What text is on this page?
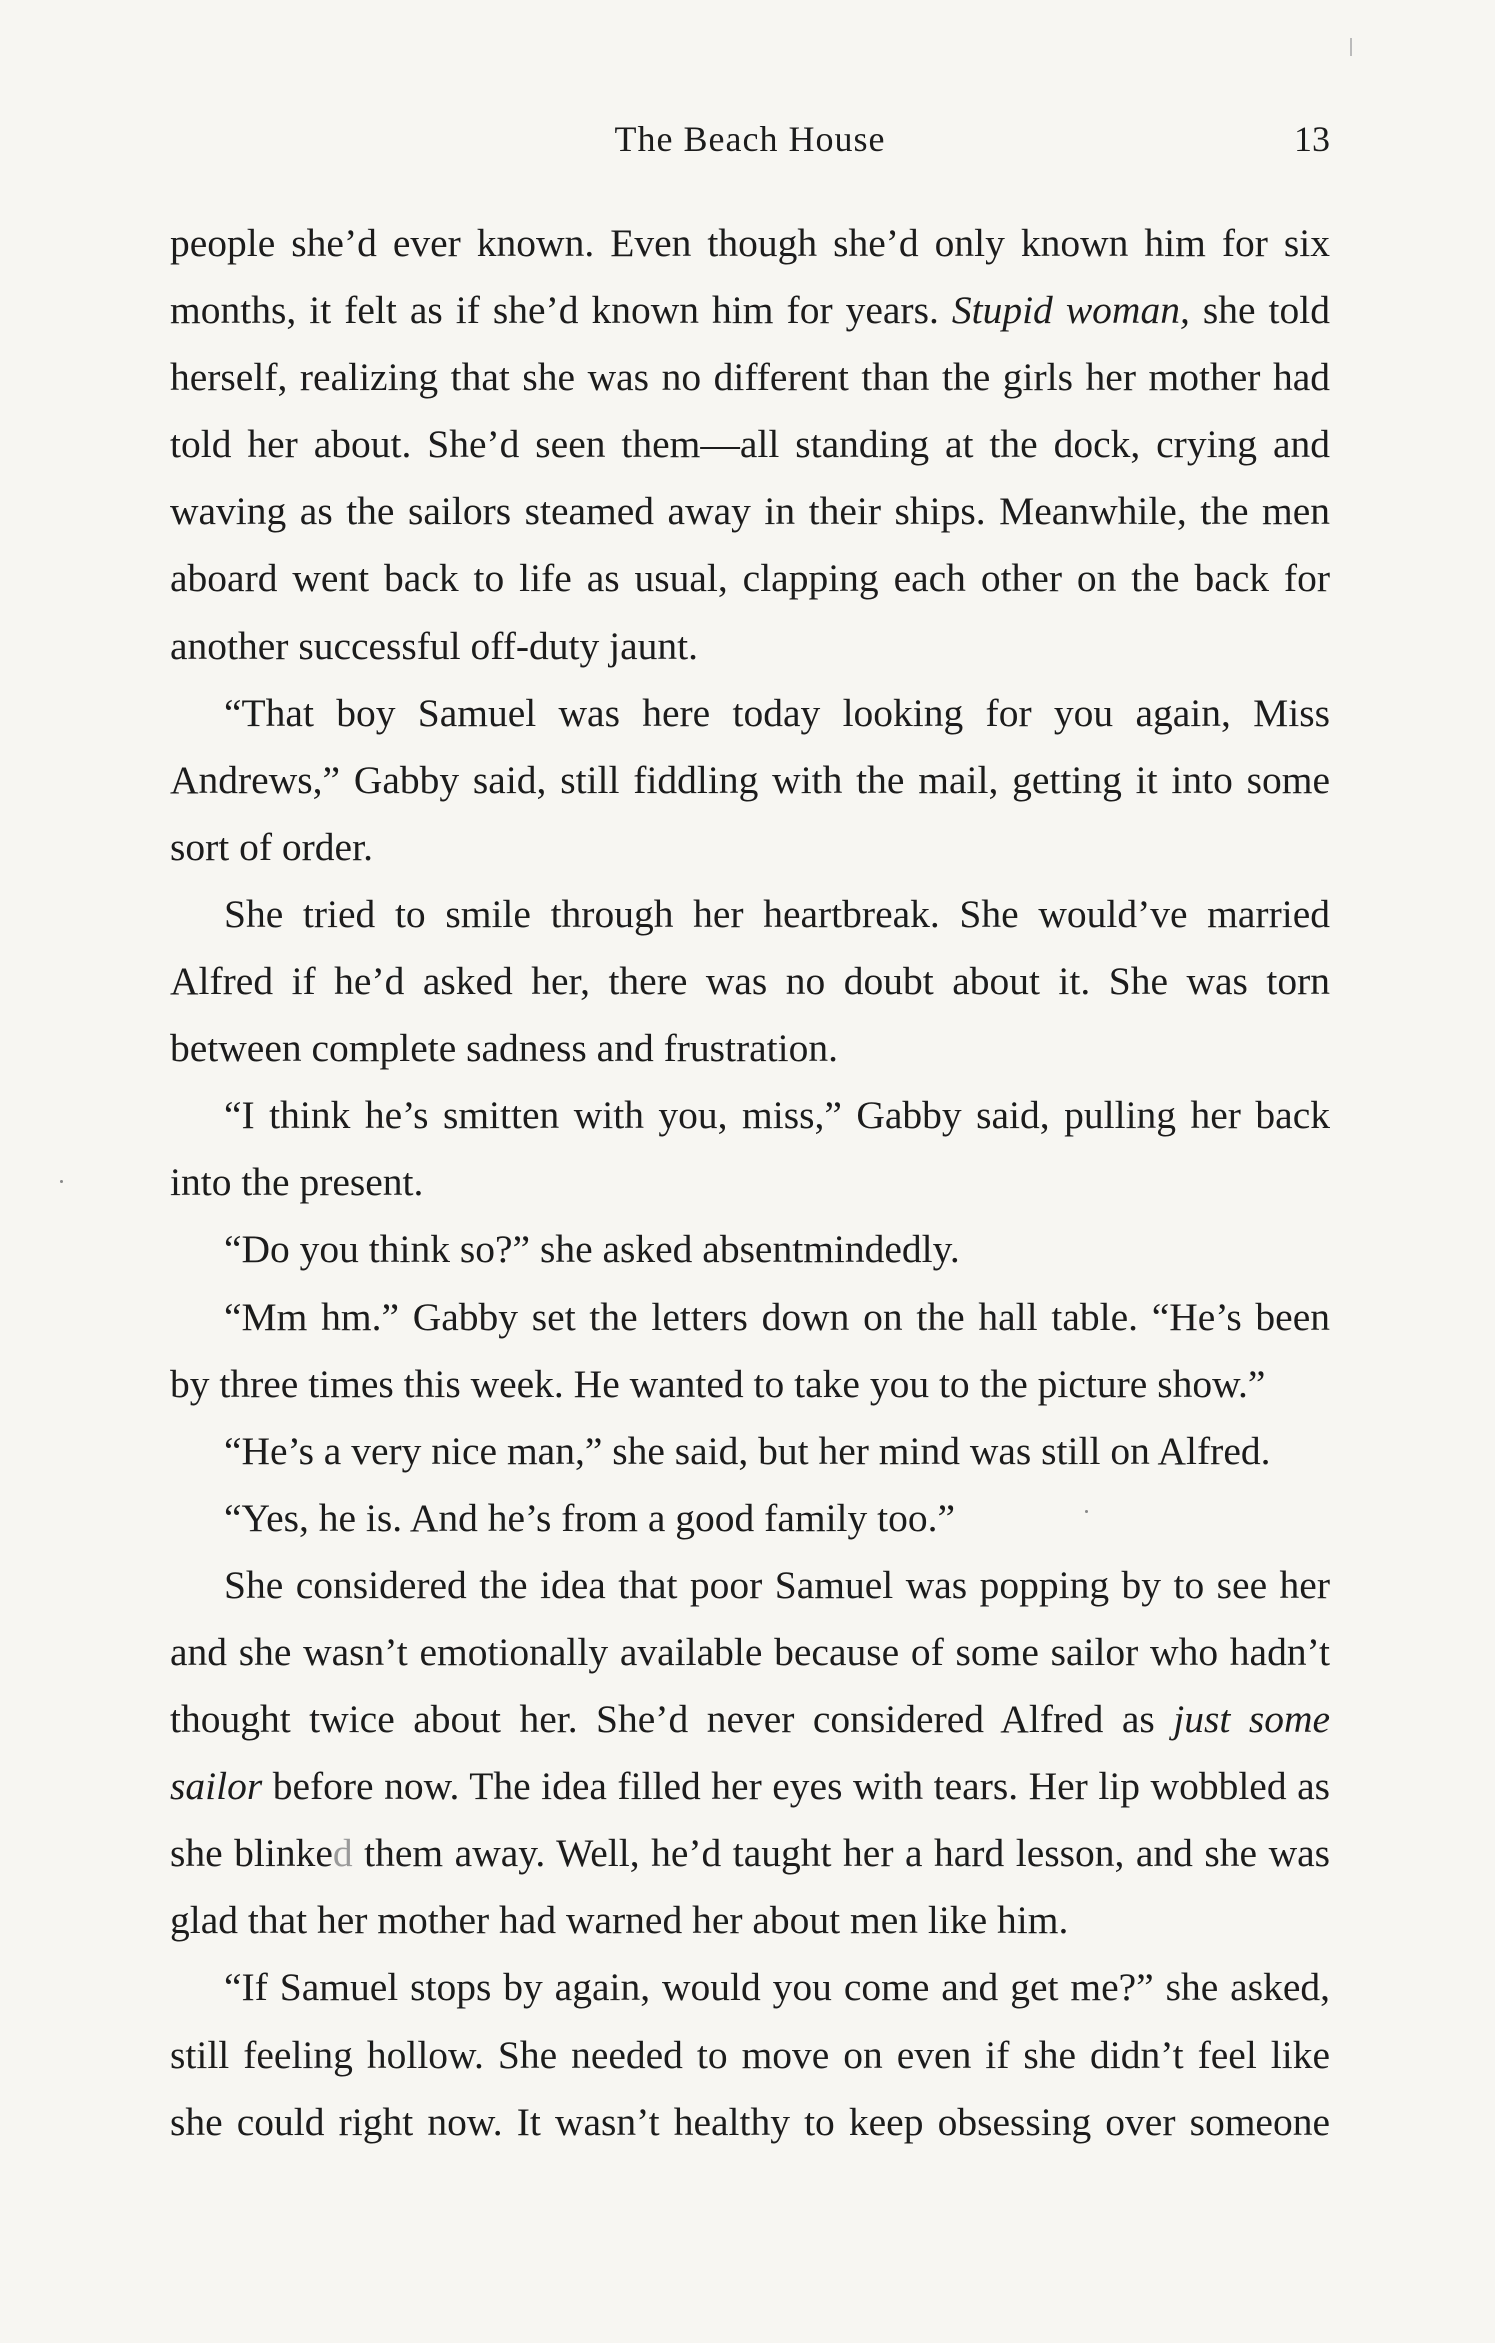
The Beach House	13

people she’d ever known. Even though she’d only known him for six months, it felt as if she’d known him for years. Stupid woman, she told herself, realizing that she was no different than the girls her mother had told her about. She’d seen them—all standing at the dock, crying and waving as the sailors steamed away in their ships. Meanwhile, the men aboard went back to life as usual, clapping each other on the back for another successful off-duty jaunt.

“That boy Samuel was here today looking for you again, Miss Andrews,” Gabby said, still fiddling with the mail, getting it into some sort of order.

She tried to smile through her heartbreak. She would’ve married Alfred if he’d asked her, there was no doubt about it. She was torn between complete sadness and frustration.

“I think he’s smitten with you, miss,” Gabby said, pulling her back into the present.

“Do you think so?” she asked absentmindedly.

“Mm hm.” Gabby set the letters down on the hall table. “He’s been by three times this week. He wanted to take you to the picture show.”

“He’s a very nice man,” she said, but her mind was still on Alfred.

“Yes, he is. And he’s from a good family too.”

She considered the idea that poor Samuel was popping by to see her and she wasn’t emotionally available because of some sailor who hadn’t thought twice about her. She’d never considered Alfred as just some sailor before now. The idea filled her eyes with tears. Her lip wobbled as she blinked them away. Well, he’d taught her a hard lesson, and she was glad that her mother had warned her about men like him.

“If Samuel stops by again, would you come and get me?” she asked, still feeling hollow. She needed to move on even if she didn’t feel like she could right now. It wasn’t healthy to keep obsessing over someone
